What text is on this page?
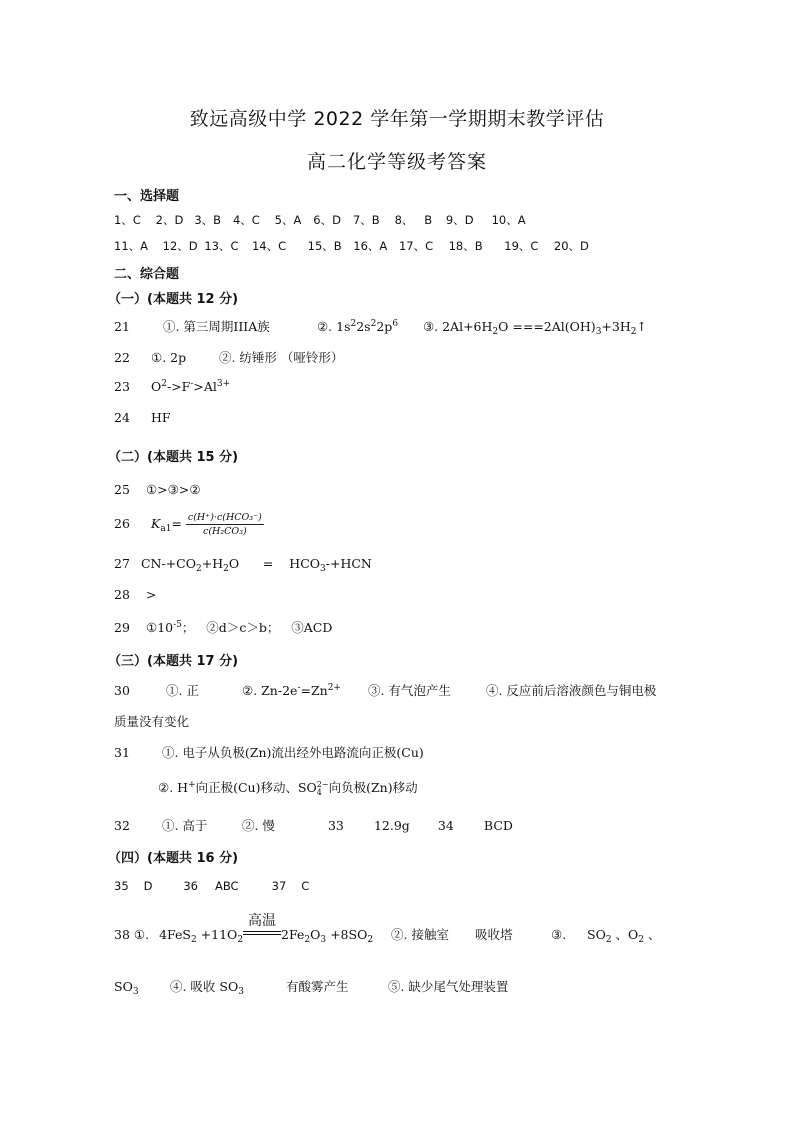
致远高级中学 2022 学年第一学期期末教学评估
高二化学等级考答案
一、选择题
1、C 2、D 3、B 4、C 5、A 6、D 7、B 8、 B 9、D 10、A
11、A 12、D 13、C 14、C 15、B 16、A 17、C 18、B 19、C 20、D
二、综合题
（一）(本题共 12 分)
21	①. 第三周期IIIA族	②. $1s^22s^22p^6$ ③. $2Al+6H_2O$ $===2Al(OH)_3+3H_2↑$
22 ①. 2p	②. 纺锤形 （哑铃形）
23 $O^2->F^->Al^{3+}$
24 HF
（二）(本题共 15 分)
25 ①>③>②
26 $K_{a1}= \frac{\text{c(H⁺)·c(HCO₃⁻)}}{\text{c(H₂CO₃)}}$
27 $CN-+CO_2+H_2O$      =    $HCO_3-+HCN$
28 >
29 $①10^{-5}$；   ②d＞c＞b；   ③ACD
（三）(本题共 17 分)
30	①. 正	②. $Zn-2e^-=Zn^{2+}$ ③. 有气泡产生	④. 反应前后溶液颜色与铜电极
质量没有变化
31	①. 电子从负极(Zn)流出经外电路流向正极(Cu)
②. H+向正极(Cu)移动、SO 2−
4 向负极(Zn)移动
32	①. 高于	②. 慢	33 12.9g 34 BCD
（四）(本题共 16 分)
35 D	36 ABC	37 C
38 ①. $4FeS_2 +11O_2$
高温
$2Fe_2O_3 +8SO_2$ ②. 接触室 吸收塔	③. $SO_2$ 、$O_2$ 、
$SO_3$	④. 吸收 $SO_3$	有酸雾产生	⑤. 缺少尾气处理装置
